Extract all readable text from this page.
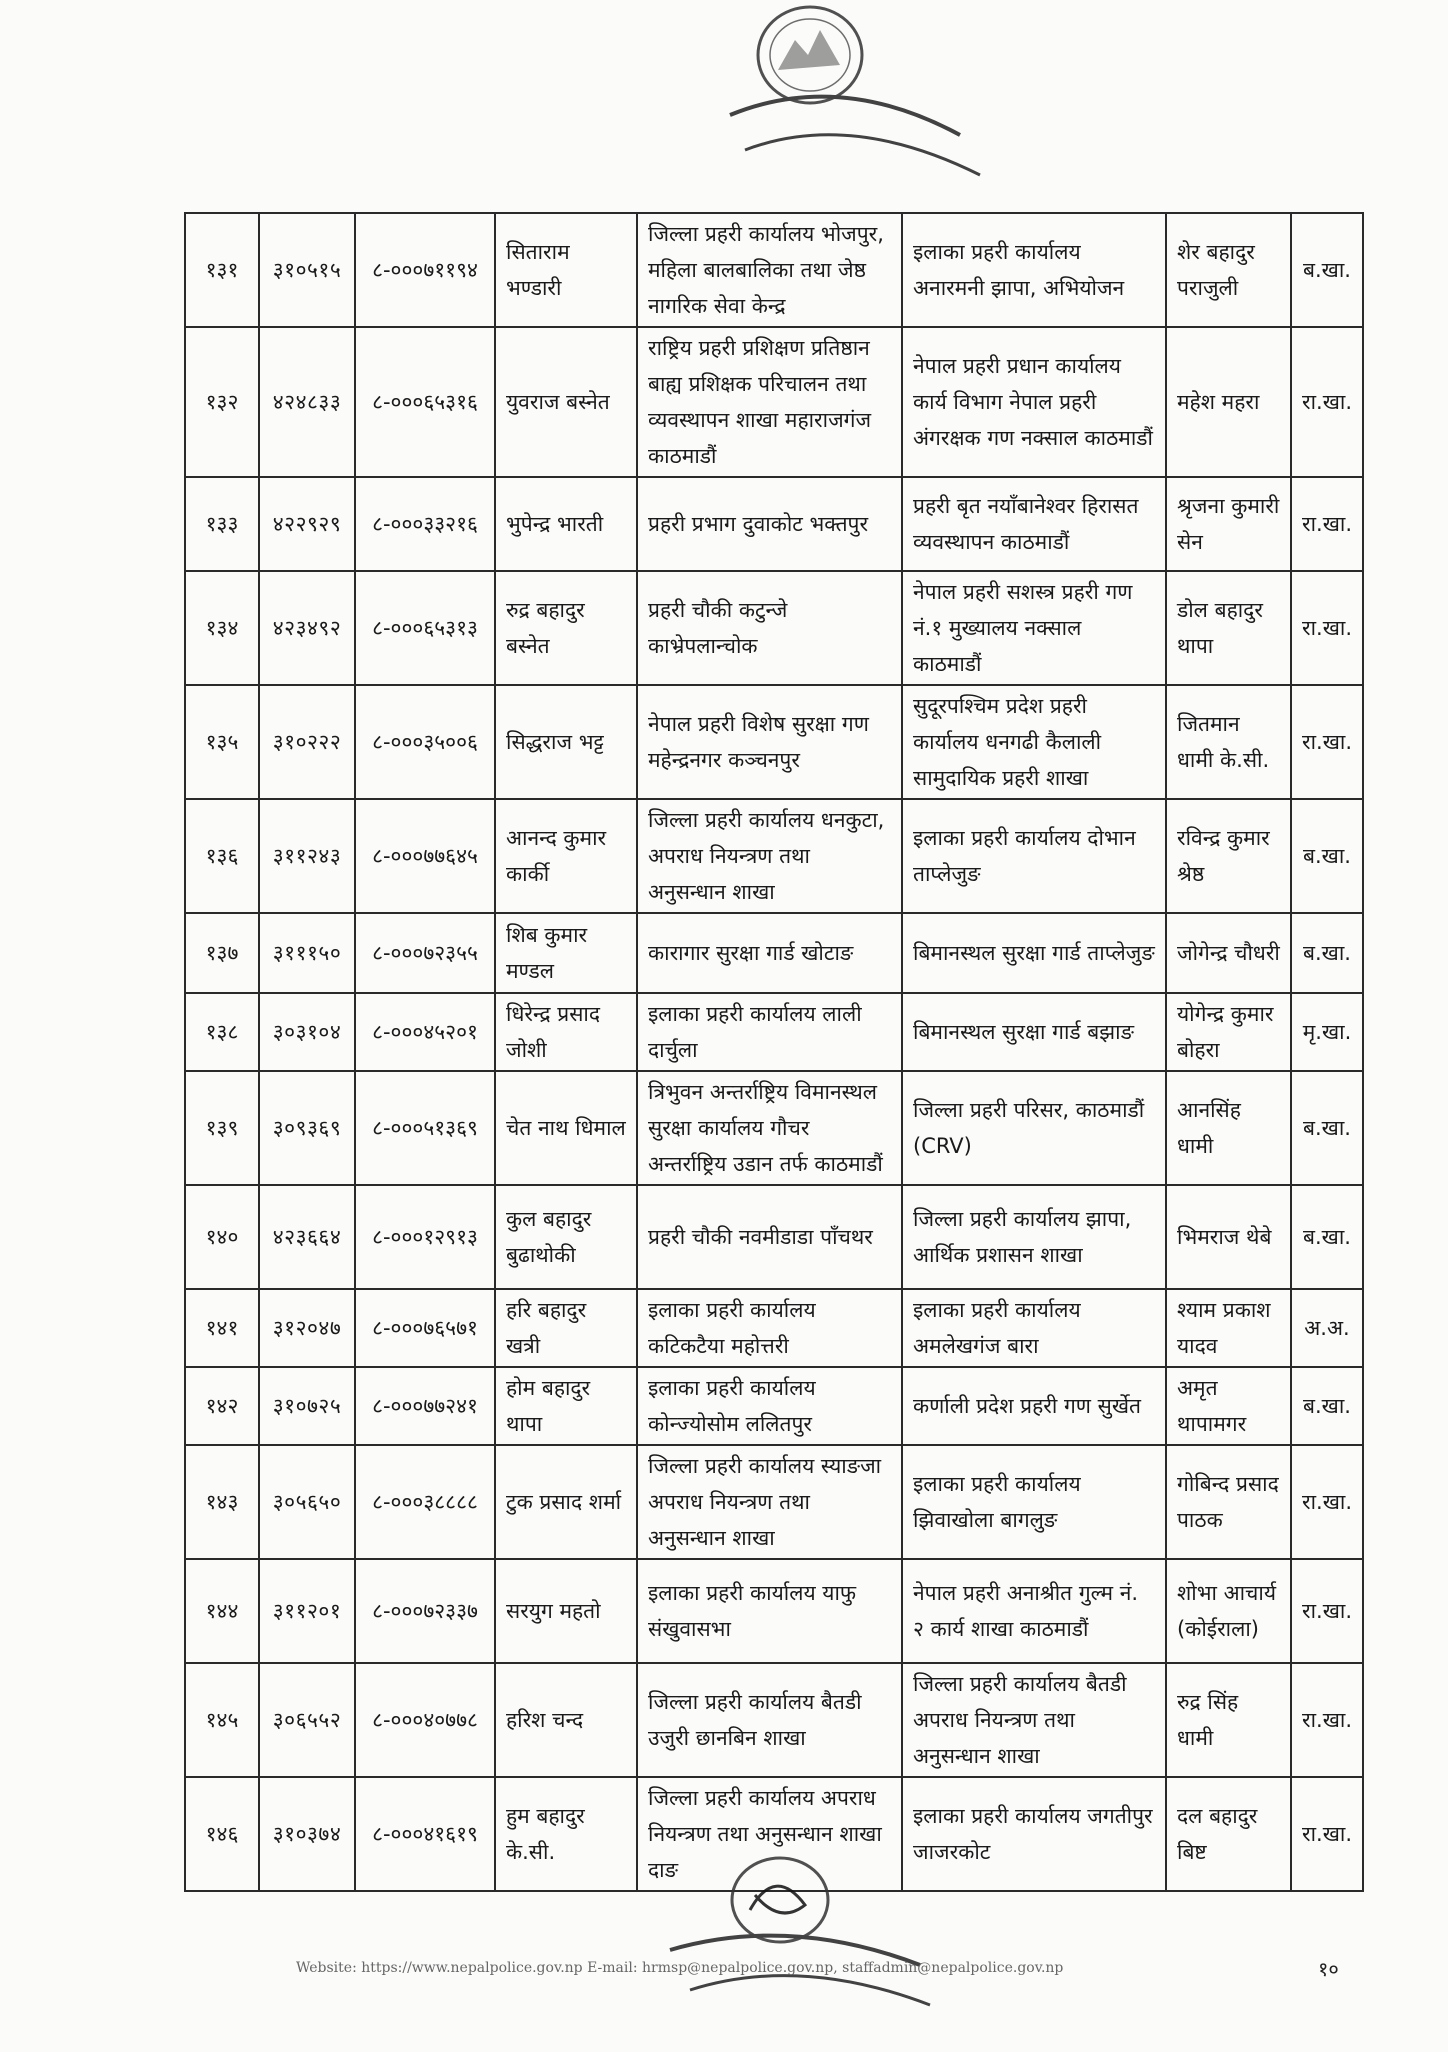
१३१	३१०५१५	८-०००७११९४	सिताराम भण्डारी	जिल्ला प्रहरी कार्यालय भोजपुर, महिला बालबालिका तथा जेष्ठ नागरिक सेवा केन्द्र	इलाका प्रहरी कार्यालय अनारमनी झापा, अभियोजन	शेर बहादुर पराजुली	ब.खा.
१३२	४२४८३३	८-०००६५३१६	युवराज बस्नेत	राष्ट्रिय प्रहरी प्रशिक्षण प्रतिष्ठान बाह्य प्रशिक्षक परिचालन तथा व्यवस्थापन शाखा महाराजगंज काठमाडौं	नेपाल प्रहरी प्रधान कार्यालय कार्य विभाग नेपाल प्रहरी अंगरक्षक गण नक्साल काठमाडौं	महेश महरा	रा.खा.
१३३	४२२९२९	८-०००३३२१६	भुपेन्द्र भारती	प्रहरी प्रभाग दुवाकोट भक्तपुर	प्रहरी बृत नयाँबानेश्वर हिरासत व्यवस्थापन काठमाडौं	श्रृजना कुमारी सेन	रा.खा.
१३४	४२३४९२	८-०००६५३१३	रुद्र बहादुर बस्नेत	प्रहरी चौकी कटुन्जे काभ्रेपलान्चोक	नेपाल प्रहरी सशस्त्र प्रहरी गण नं.१ मुख्यालय नक्साल काठमाडौं	डोल बहादुर थापा	रा.खा.
१३५	३१०२२२	८-०००३५००६	सिद्धराज भट्ट	नेपाल प्रहरी विशेष सुरक्षा गण महेन्द्रनगर कञ्चनपुर	सुदूरपश्चिम प्रदेश प्रहरी कार्यालय धनगढी कैलाली सामुदायिक प्रहरी शाखा	जितमान धामी के.सी.	रा.खा.
१३६	३११२४३	८-०००७७६४५	आनन्द कुमार कार्की	जिल्ला प्रहरी कार्यालय धनकुटा, अपराध नियन्त्रण तथा अनुसन्धान शाखा	इलाका प्रहरी कार्यालय दोभान ताप्लेजुङ	रविन्द्र कुमार श्रेष्ठ	ब.खा.
१३७	३१११५०	८-०००७२३५५	शिब कुमार मण्डल	कारागार सुरक्षा गार्ड खोटाङ	बिमानस्थल सुरक्षा गार्ड ताप्लेजुङ	जोगेन्द्र चौधरी	ब.खा.
१३८	३०३१०४	८-०००४५२०१	धिरेन्द्र प्रसाद जोशी	इलाका प्रहरी कार्यालय लाली दार्चुला	बिमानस्थल सुरक्षा गार्ड बझाङ	योगेन्द्र कुमार बोहरा	मृ.खा.
१३९	३०९३६९	८-०००५१३६९	चेत नाथ धिमाल	त्रिभुवन अन्तर्राष्ट्रिय विमानस्थल सुरक्षा कार्यालय गौचर अन्तर्राष्ट्रिय उडान तर्फ काठमाडौं	जिल्ला प्रहरी परिसर, काठमाडौं (CRV)	आनसिंह धामी	ब.खा.
१४०	४२३६६४	८-०००१२९१३	कुल बहादुर बुढाथोकी	प्रहरी चौकी नवमीडाडा पाँचथर	जिल्ला प्रहरी कार्यालय झापा, आर्थिक प्रशासन शाखा	भिमराज थेबे	ब.खा.
१४१	३१२०४७	८-०००७६५७१	हरि बहादुर खत्री	इलाका प्रहरी कार्यालय कटिकटैया महोत्तरी	इलाका प्रहरी कार्यालय अमलेखगंज बारा	श्याम प्रकाश यादव	अ.अ.
१४२	३१०७२५	८-०००७७२४१	होम बहादुर थापा	इलाका प्रहरी कार्यालय कोन्ज्योसोम ललितपुर	कर्णाली प्रदेश प्रहरी गण सुर्खेत	अमृत थापामगर	ब.खा.
१४३	३०५६५०	८-०००३८८८८	टुक प्रसाद शर्मा	जिल्ला प्रहरी कार्यालय स्याङजा अपराध नियन्त्रण तथा अनुसन्धान शाखा	इलाका प्रहरी कार्यालय झिवाखोला बागलुङ	गोबिन्द प्रसाद पाठक	रा.खा.
१४४	३११२०१	८-०००७२३३७	सरयुग महतो	इलाका प्रहरी कार्यालय याफु संखुवासभा	नेपाल प्रहरी अनाश्रीत गुल्म नं. २ कार्य शाखा काठमाडौं	शोभा आचार्य (कोईराला)	रा.खा.
१४५	३०६५५२	८-०००४०७७८	हरिश चन्द	जिल्ला प्रहरी कार्यालय बैतडी उजुरी छानबिन शाखा	जिल्ला प्रहरी कार्यालय बैतडी अपराध नियन्त्रण तथा अनुसन्धान शाखा	रुद्र सिंह धामी	रा.खा.
१४६	३१०३७४	८-०००४१६१९	हुम बहादुर के.सी.	जिल्ला प्रहरी कार्यालय अपराध नियन्त्रण तथा अनुसन्धान शाखा दाङ	इलाका प्रहरी कार्यालय जगतीपुर जाजरकोट	दल बहादुर बिष्ट	रा.खा.
Website: https://www.nepalpolice.gov.np E-mail: hrmsp@nepalpolice.gov.np, staffadmin@nepalpolice.gov.np	१०
